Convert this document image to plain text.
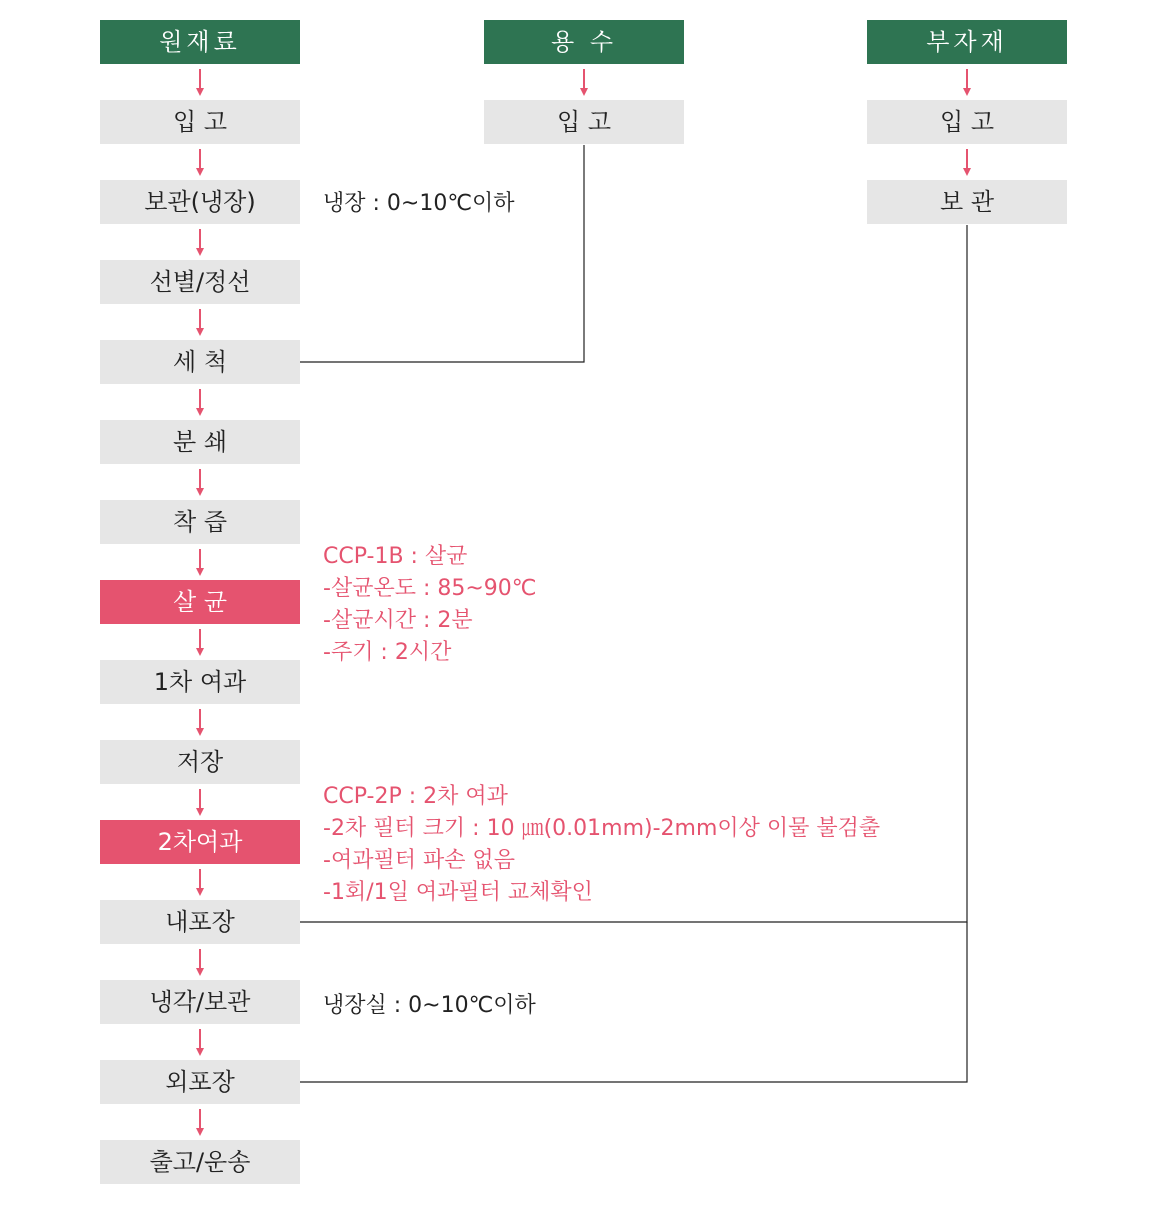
원재료	용 수	부자재
입 고
보관(냉장)
선별/정선
세 척
분 쇄
착 즙
살 균
1차 여과
저장
2차여과
내포장
냉각/보관
외포장
출고/운송
입 고	입 고
보 관
냉장 : 0~10℃이하
CCP-1B : 살균
-살균온도 : 85~90℃
-살균시간 : 2분
-주기 : 2시간
CCP-2P : 2차 여과
-2차 필터 크기 : 10 ㎛(0.01mm)-2mm이상 이물 불검출
-여과필터 파손 없음
-1회/1일 여과필터 교체확인
냉장실 : 0~10℃이하
